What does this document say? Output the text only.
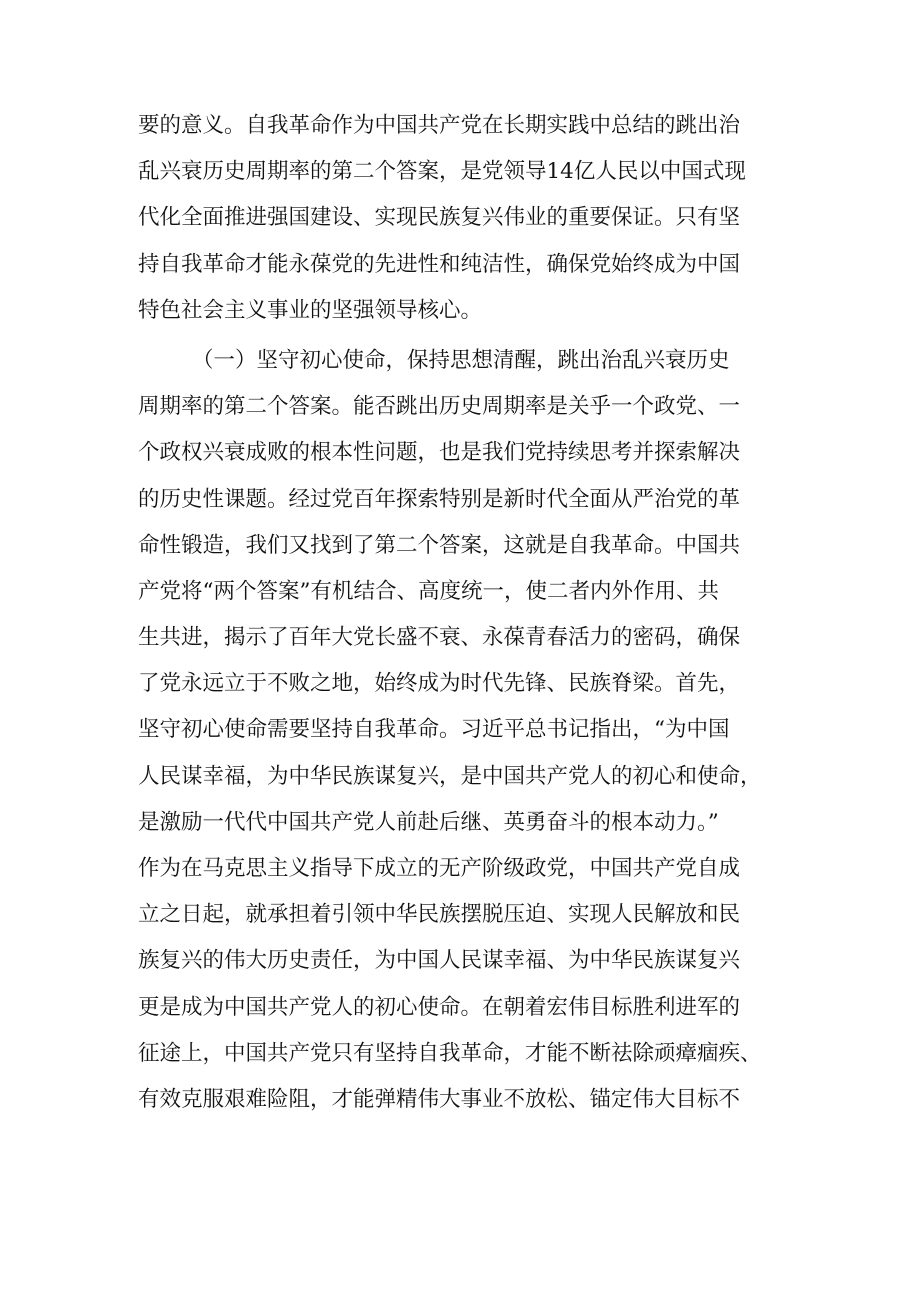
要的意义。自我革命作为中国共产党在长期实践中总结的跳出治
乱兴衰历史周期率的第二个答案，是党领导14亿人民以中国式现
代化全面推进强国建设、实现民族复兴伟业的重要保证。只有坚
持自我革命才能永葆党的先进性和纯洁性，确保党始终成为中国
特色社会主义事业的坚强领导核心。
（一）坚守初心使命，保持思想清醒，跳出治乱兴衰历史
周期率的第二个答案。能否跳出历史周期率是关乎一个政党、一
个政权兴衰成败的根本性问题，也是我们党持续思考并探索解决
的历史性课题。经过党百年探索特别是新时代全面从严治党的革
命性锻造，我们又找到了第二个答案，这就是自我革命。中国共
产党将“两个答案”有机结合、高度统一，使二者内外作用、共
生共进，揭示了百年大党长盛不衰、永葆青春活力的密码，确保
了党永远立于不败之地，始终成为时代先锋、民族脊梁。首先，
坚守初心使命需要坚持自我革命。习近平总书记指出，“为中国
人民谋幸福，为中华民族谋复兴，是中国共产党人的初心和使命，
是激励一代代中国共产党人前赴后继、英勇奋斗的根本动力。”
作为在马克思主义指导下成立的无产阶级政党，中国共产党自成
立之日起，就承担着引领中华民族摆脱压迫、实现人民解放和民
族复兴的伟大历史责任，为中国人民谋幸福、为中华民族谋复兴
更是成为中国共产党人的初心使命。在朝着宏伟目标胜利进军的
征途上，中国共产党只有坚持自我革命，才能不断祛除顽瘴痼疾、
有效克服艰难险阻，才能弹精伟大事业不放松、锚定伟大目标不
